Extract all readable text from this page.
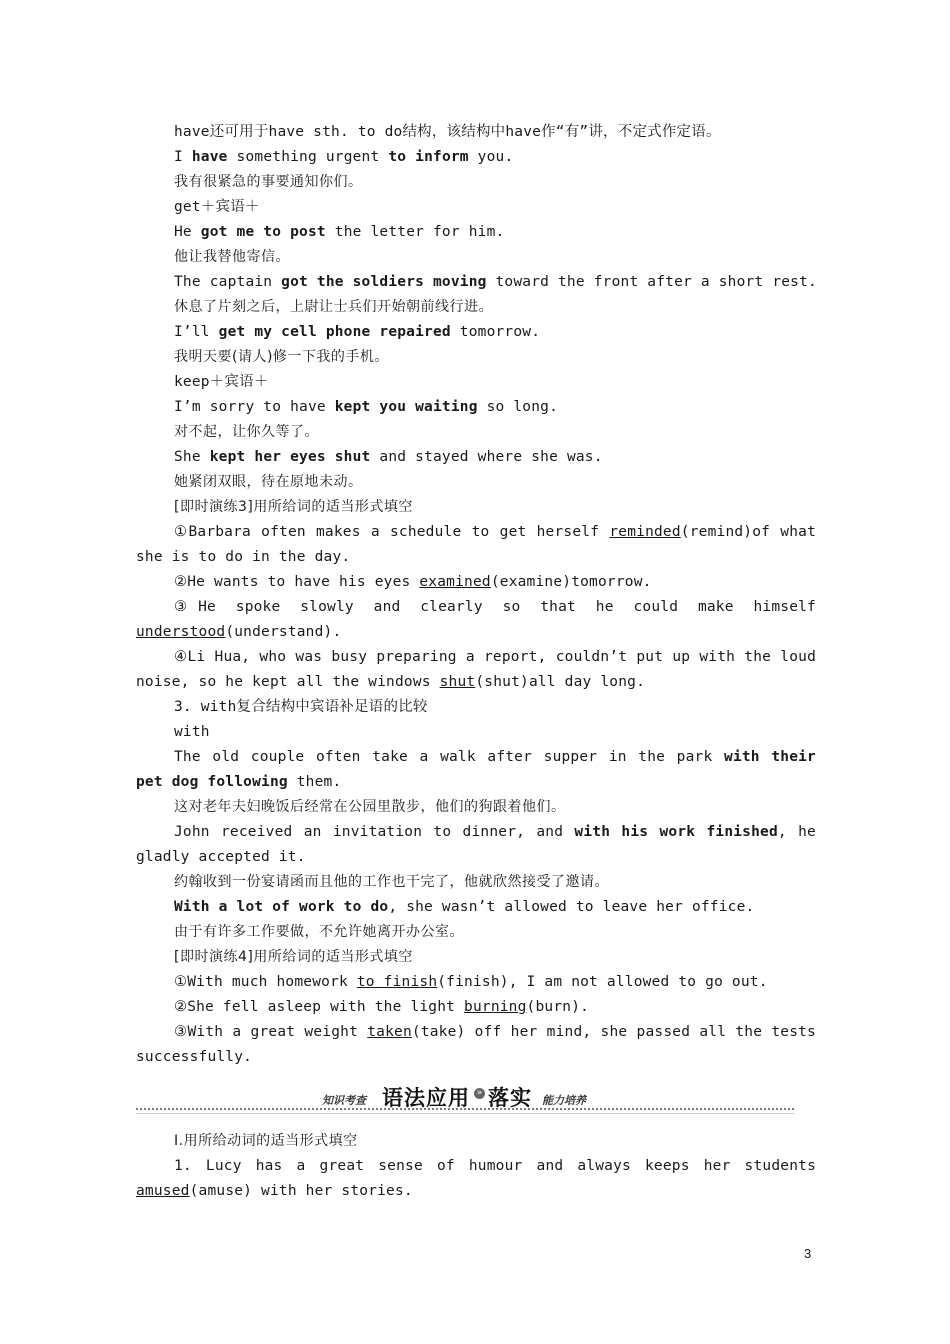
have还可用于have sth. to do结构，该结构中have作“有”讲，不定式作定语。
I have something urgent to inform you.
我有很紧急的事要通知你们。
get＋宾语＋
He got me to post the letter for him.
他让我替他寄信。
The captain got the soldiers moving toward the front after a short rest.
休息了片刻之后，上尉让士兵们开始朝前线行进。
I’ll get my cell phone repaired tomorrow.
我明天要(请人)修一下我的手机。
keep＋宾语＋
I’m sorry to have kept you waiting so long.
对不起，让你久等了。
She kept her eyes shut and stayed where she was.
她紧闭双眼，待在原地未动。
[即时演练3]用所给词的适当形式填空
①Barbara often makes a schedule to get herself reminded(remind)of what she is to do in the day.
②He wants to have his eyes examined(examine)tomorrow.
③He spoke slowly and clearly so that he could make himself understood(understand).
④Li Hua, who was busy preparing a report, couldn’t put up with the loud noise, so he kept all the windows shut(shut)all day long.
3. with复合结构中宾语补足语的比较
with
The old couple often take a walk after supper in the park with their pet dog following them.
这对老年夫妇晚饭后经常在公园里散步，他们的狗跟着他们。
John received an invitation to dinner, and with his work finished, he gladly accepted it.
约翰收到一份宴请函而且他的工作也干完了，他就欣然接受了邀请。
With a lot of work to do, she wasn’t allowed to leave her office.
由于有许多工作要做，不允许她离开办公室。
[即时演练4]用所给词的适当形式填空
①With much homework to finish(finish), I am not allowed to go out.
②She fell asleep with the light burning(burn).
③With a great weight taken(take) off her mind, she passed all the tests successfully.
知识考查 语法应用 » 落实 能力培养
Ⅰ.用所给动词的适当形式填空
1. Lucy has a great sense of humour and always keeps her students amused(amuse) with her stories.
3
